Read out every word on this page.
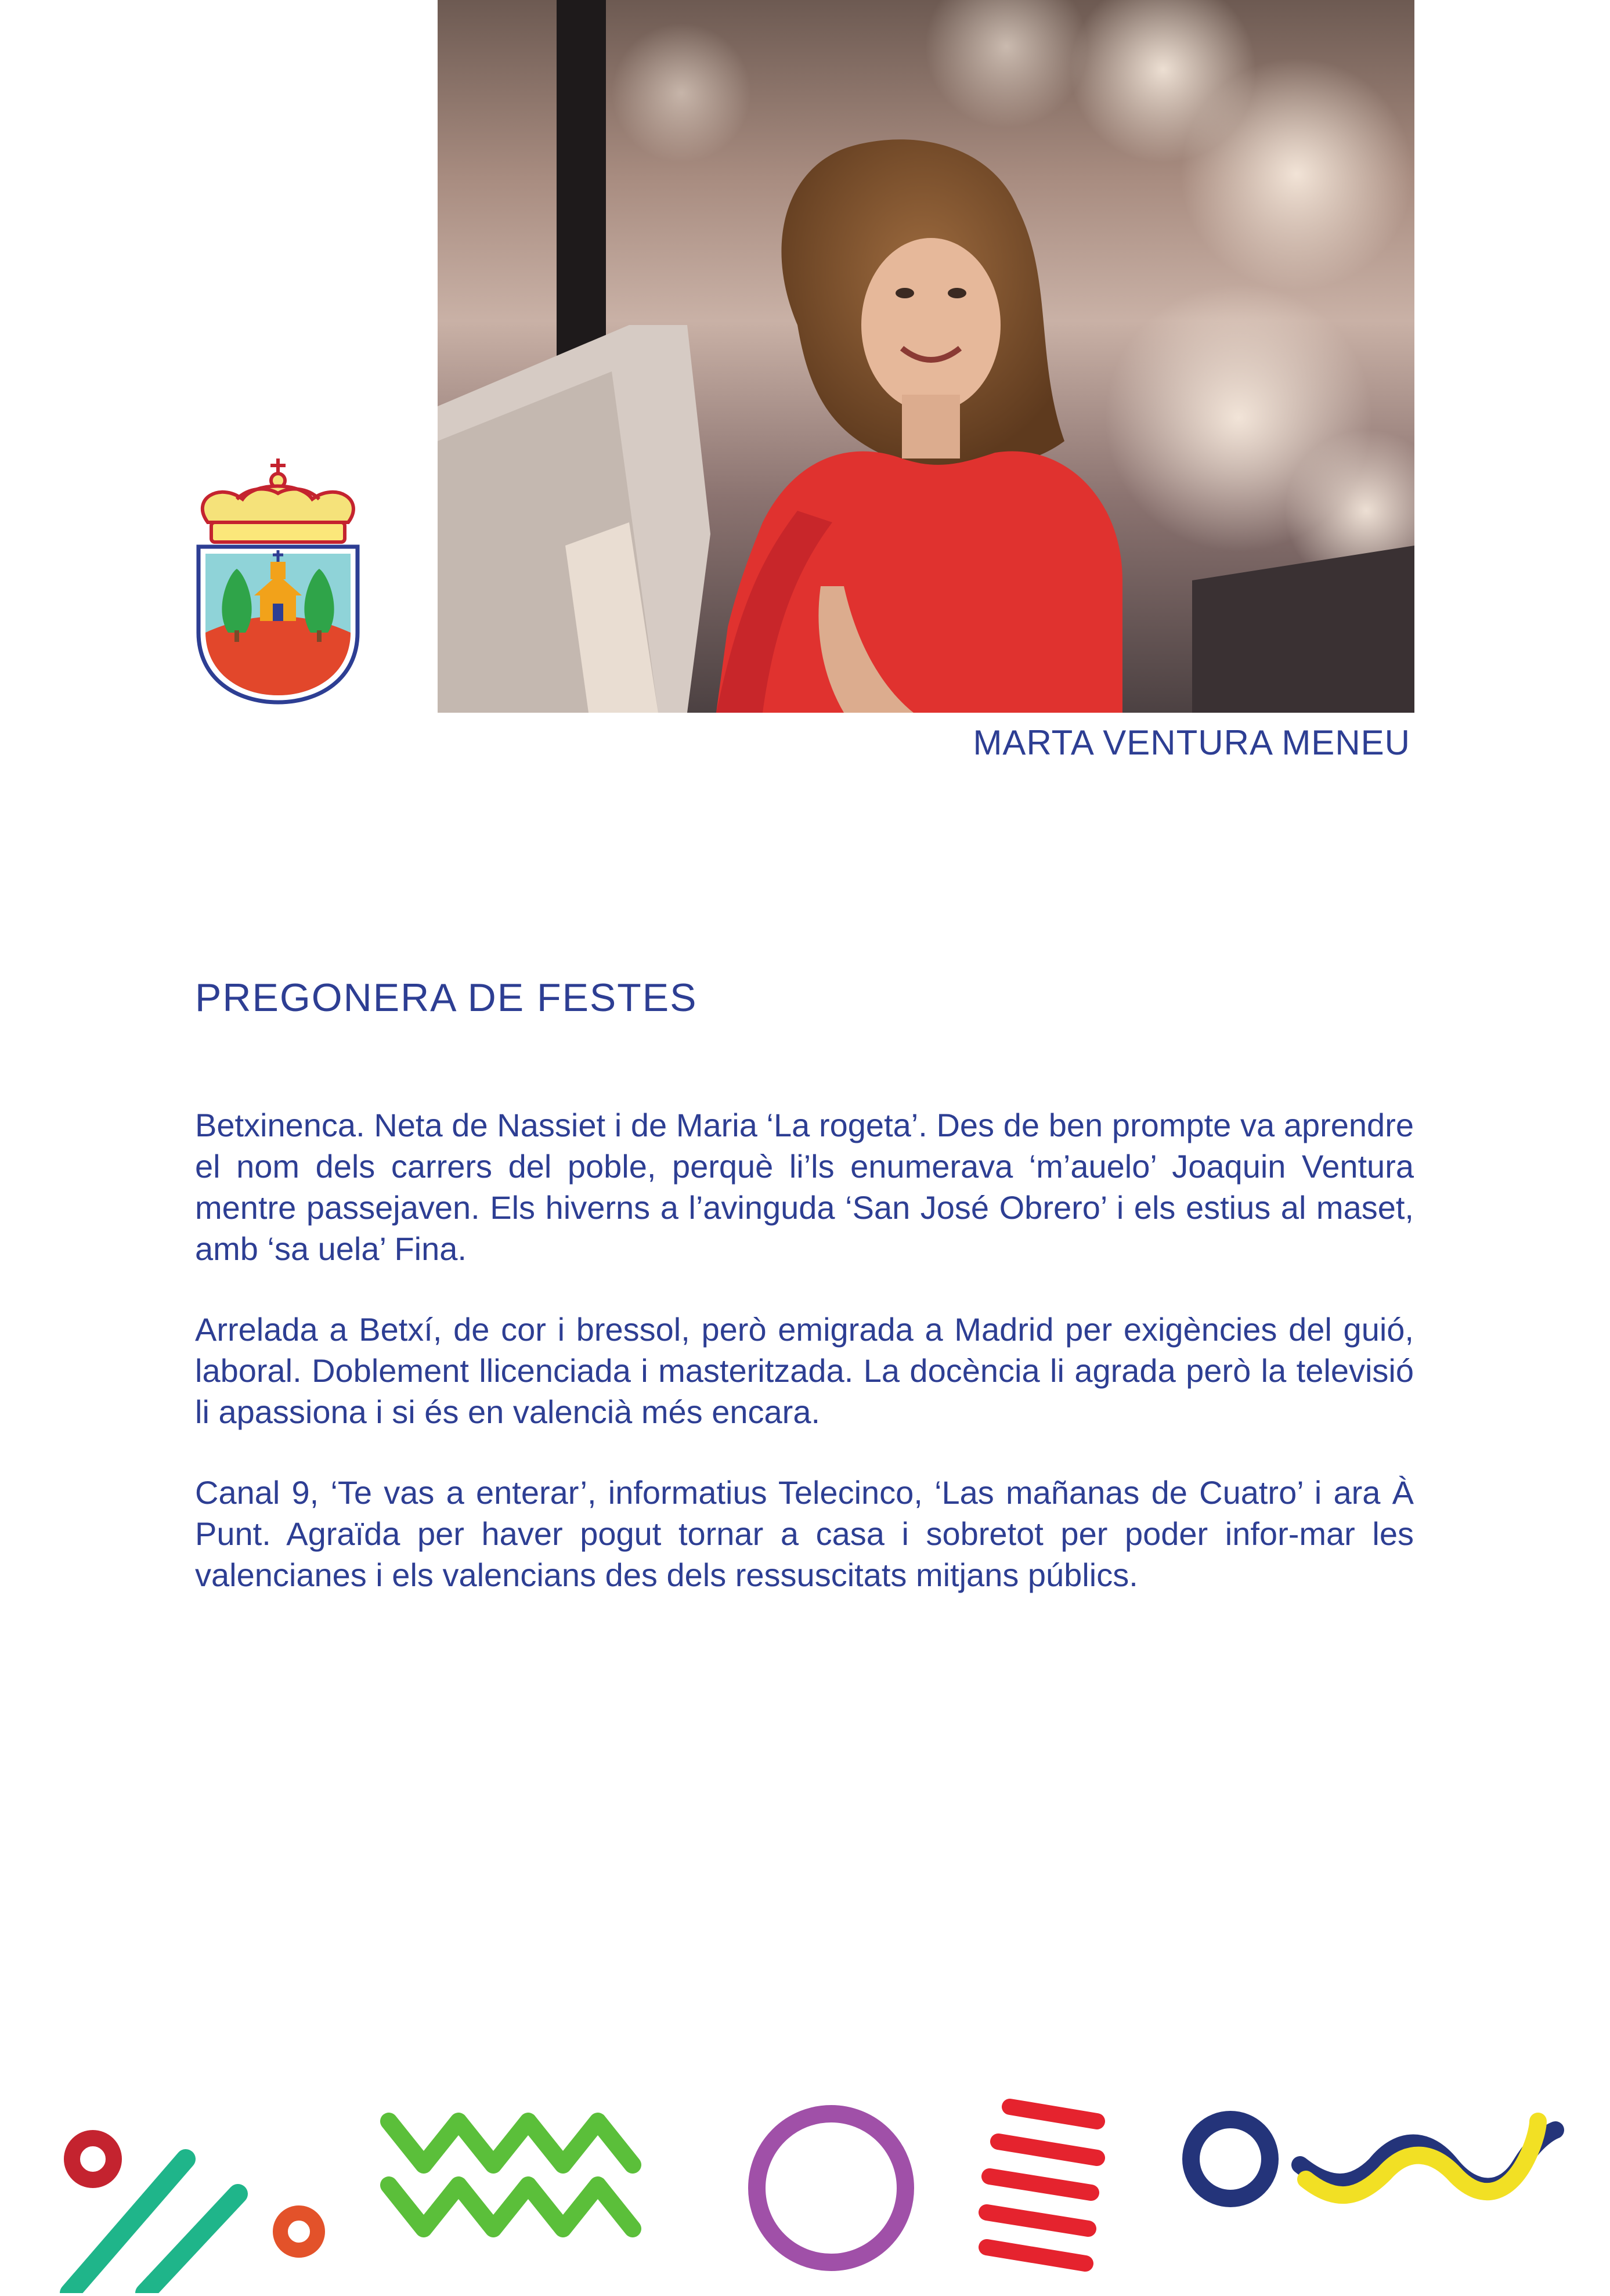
MARTA VENTURA MENEU
PREGONERA DE FESTES

Betxinenca. Neta de Nassiet i de Maria ‘La rogeta’. Des de ben prompte va aprendre el nom dels carrers del poble, perquè li’ls enumerava ‘m’auelo’ Joaquin Ventura mentre passejaven. Els hiverns a l’avinguda ‘San José Obrero’ i els estius al maset, amb ‘sa uela’ Fina.

Arrelada a Betxí, de cor i bressol, però emigrada a Madrid per exigències del guió, laboral. Doblement llicenciada i masteritzada. La docència li agrada però la televisió li apassiona i si és en valencià més encara.

Canal 9, ‘Te vas a enterar’, informatius Telecinco, ‘Las mañanas de Cuatro’ i ara À Punt. Agraïda per haver pogut tornar a casa i sobretot per poder infor-mar les valencianes i els valencians des dels ressuscitats mitjans públics.
